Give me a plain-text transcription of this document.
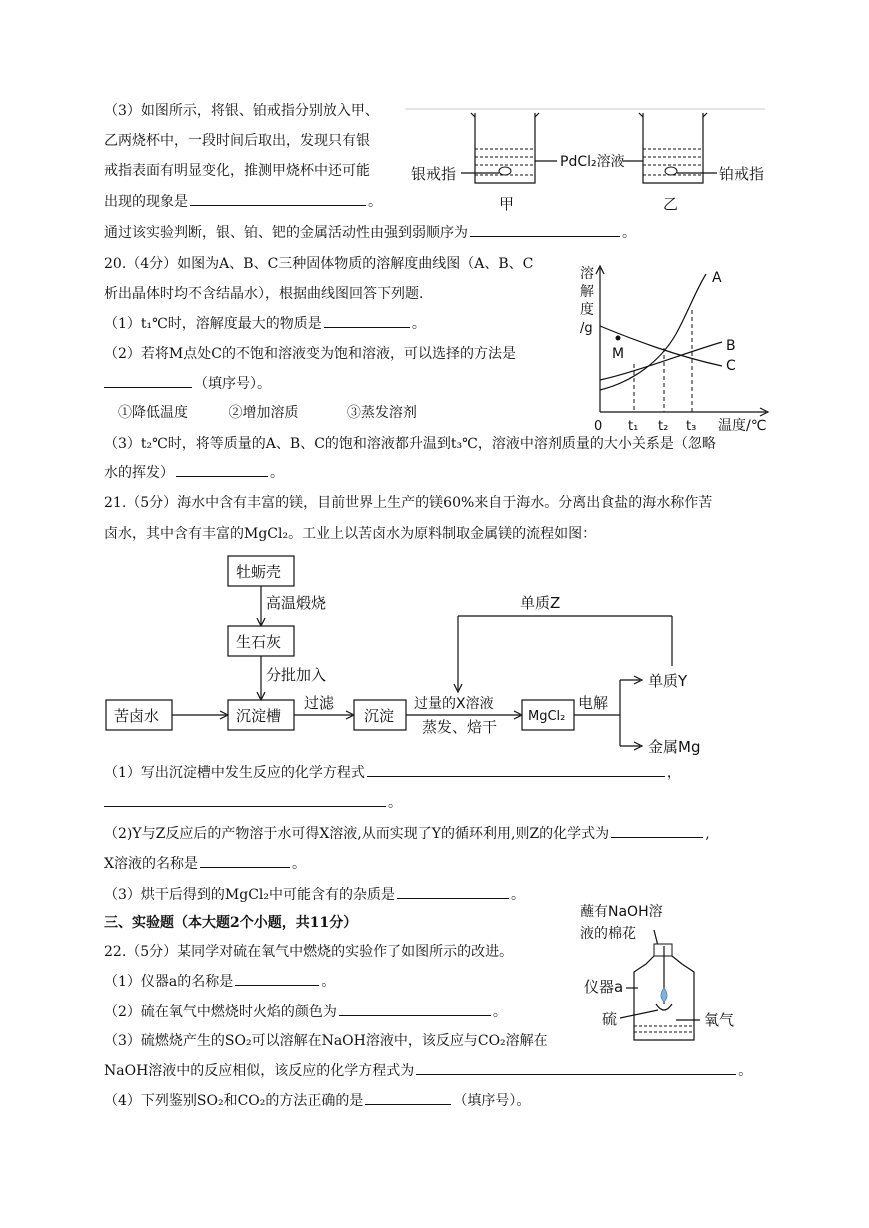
（3）如图所示，将银、铂戒指分别放入甲、
乙两烧杯中，一段时间后取出，发现只有银
戒指表面有明显变化，推测甲烧杯中还可能
出现的现象是	。
通过该实验判断，银、铂、钯的金属活动性由强到弱顺序为	。
银戒指
PdCl₂溶液
铂戒指
甲	乙
20.（4分）如图为A、B、C三种固体物质的溶解度曲线图（A、B、C
析出晶体时均不含结晶水），根据曲线图回答下列题.
（1）t₁℃时，溶解度最大的物质是	。
（2）若将M点处C的不饱和溶液变为饱和溶液，可以选择的方法是
（填序号）。
①降低温度	②增加溶质	③蒸发溶剂
（3）t₂℃时，将等质量的A、B、C的饱和溶液都升温到t₃℃，溶液中溶剂质量的大小关系是（忽略
水的挥发）	。
溶
解
度
/g
M
A
B
C
0 t₁ t₂ t₃ 温度/℃
21.（5分）海水中含有丰富的镁，目前世界上生产的镁60%来自于海水。分离出食盐的海水称作苦
卤水，其中含有丰富的MgCl₂。工业上以苦卤水为原料制取金属镁的流程如图：
牡蛎壳
高温煅烧
生石灰
分批加入
苦卤水	沉淀槽
过滤
沉淀
过量的X溶液
蒸发、焙干
MgCl₂
电解
单质Y
金属Mg
单质Z
（1）写出沉淀槽中发生反应的化学方程式	，
。
（2)Y与Z反应后的产物溶于水可得X溶液,从而实现了Y的循环利用,则Z的化学式为	,
X溶液的名称是	。
（3）烘干后得到的MgCl₂中可能含有的杂质是	。
三、实验题（本大题2个小题，共11分）
22.（5分）某同学对硫在氧气中燃烧的实验作了如图所示的改进。
（1）仪器a的名称是	。
（2）硫在氧气中燃烧时火焰的颜色为	。
（3）硫燃烧产生的SO₂可以溶解在NaOH溶液中，该反应与CO₂溶解在
NaOH溶液中的反应相似，该反应的化学方程式为	。
（4）下列鉴别SO₂和CO₂的方法正确的是	（填序号）。
蘸有NaOH溶
液的棉花
仪器a
硫	氧气
